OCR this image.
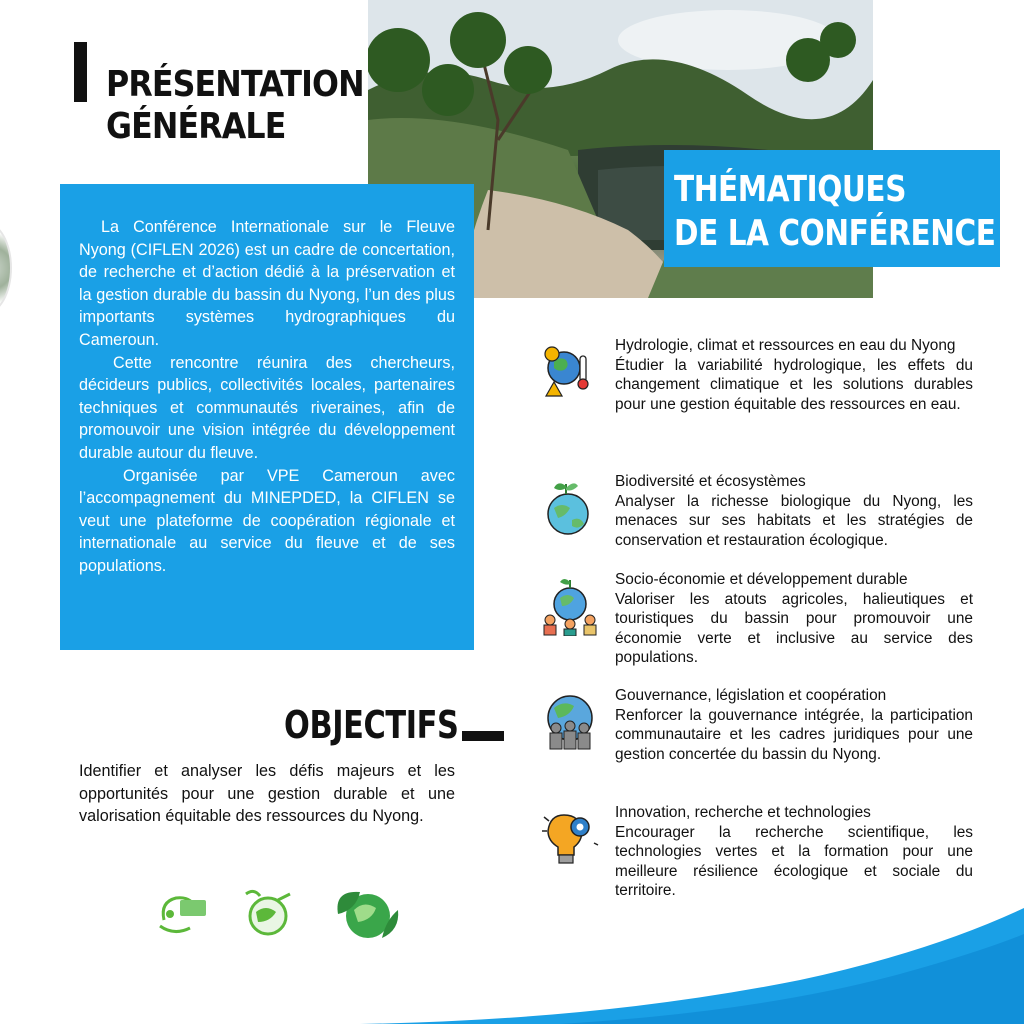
PRÉSENTATION
GÉNÉRALE
THÉMATIQUES
DE LA CONFÉRENCE

La Conférence Internationale sur le Fleuve Nyong (CIFLEN 2026) est un cadre de concertation, de recherche et d’action dédié à la préservation et la gestion durable du bassin du Nyong, l’un des plus importants systèmes hydrographiques du Cameroun.

Cette rencontre réunira des chercheurs, décideurs publics, collectivités locales, partenaires techniques et communautés riveraines, afin de promouvoir une vision intégrée du développement durable autour du fleuve.

Organisée par VPE Cameroun avec l’accompagnement du MINEPDED, la CIFLEN se veut une plateforme de coopération régionale et internationale au service du fleuve et de ses populations.

Hydrologie, climat et ressources en eau du Nyong
Étudier la variabilité hydrologique, les effets du changement climatique et les solutions durables pour une gestion équitable des ressources en eau.
Biodiversité et écosystèmes
Analyser la richesse biologique du Nyong, les menaces sur ses habitats et les stratégies de conservation et restauration écologique.
Socio-économie et développement durable
Valoriser les atouts agricoles, halieutiques et touristiques du bassin pour promouvoir une économie verte et inclusive au service des populations.
Gouvernance, législation et coopération
Renforcer la gouvernance intégrée, la participation communautaire et les cadres juridiques pour une gestion concertée du bassin du Nyong.
Innovation, recherche et technologies
Encourager la recherche scientifique, les technologies vertes et la formation pour une meilleure résilience écologique et sociale du territoire.
OBJECTIFS
Identifier et analyser les défis majeurs et les opportunités pour une gestion durable et une valorisation équitable des ressources du Nyong.
